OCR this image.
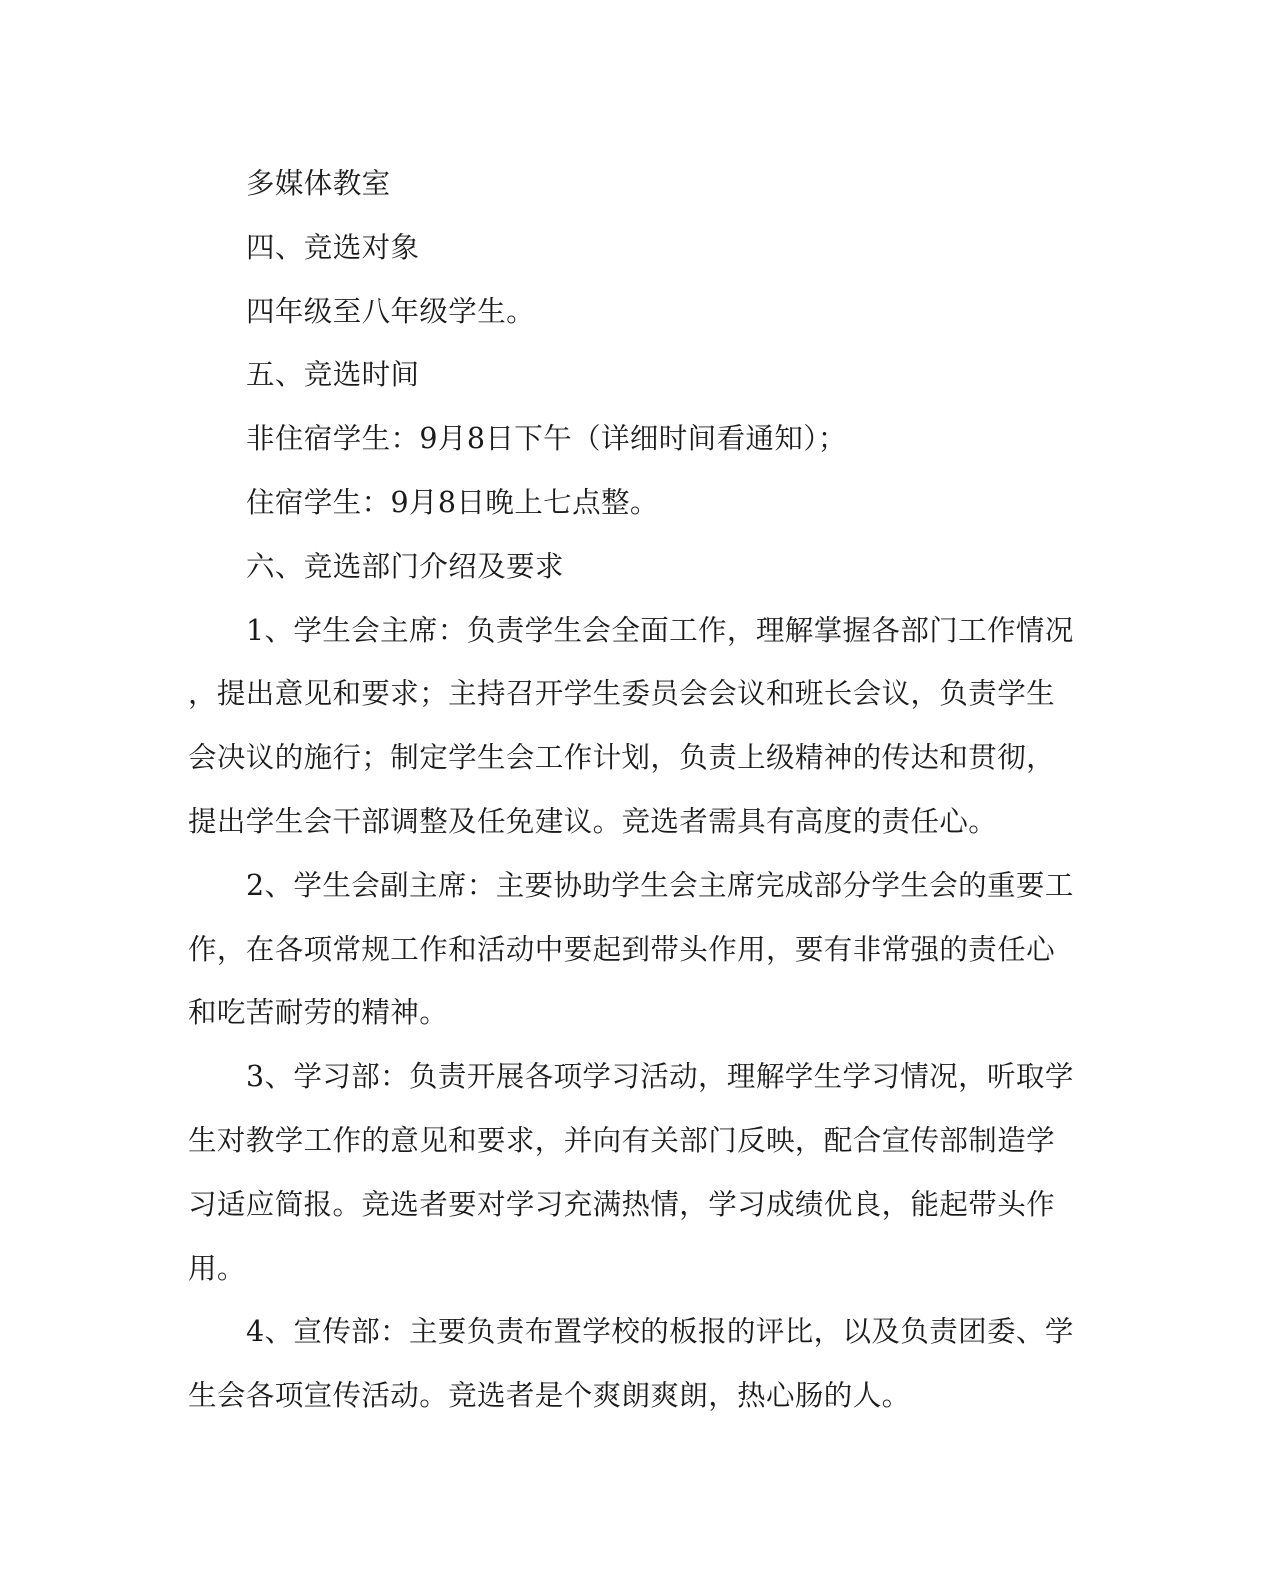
多媒体教室
四、竞选对象
四年级至八年级学生。
五、竞选时间
非住宿学生：9月8日下午（详细时间看通知）；
住宿学生：9月8日晚上七点整。
六、竞选部门介绍及要求
1、学生会主席：负责学生会全面工作，理解掌握各部门工作情况
，提出意见和要求；主持召开学生委员会会议和班长会议，负责学生
会决议的施行；制定学生会工作计划，负责上级精神的传达和贯彻，
提出学生会干部调整及任免建议。竞选者需具有高度的责任心。
2、学生会副主席：主要协助学生会主席完成部分学生会的重要工
作，在各项常规工作和活动中要起到带头作用，要有非常强的责任心
和吃苦耐劳的精神。
3、学习部：负责开展各项学习活动，理解学生学习情况，听取学
生对教学工作的意见和要求，并向有关部门反映，配合宣传部制造学
习适应简报。竞选者要对学习充满热情，学习成绩优良，能起带头作
用。
4、宣传部：主要负责布置学校的板报的评比，以及负责团委、学
生会各项宣传活动。竞选者是个爽朗爽朗，热心肠的人。
